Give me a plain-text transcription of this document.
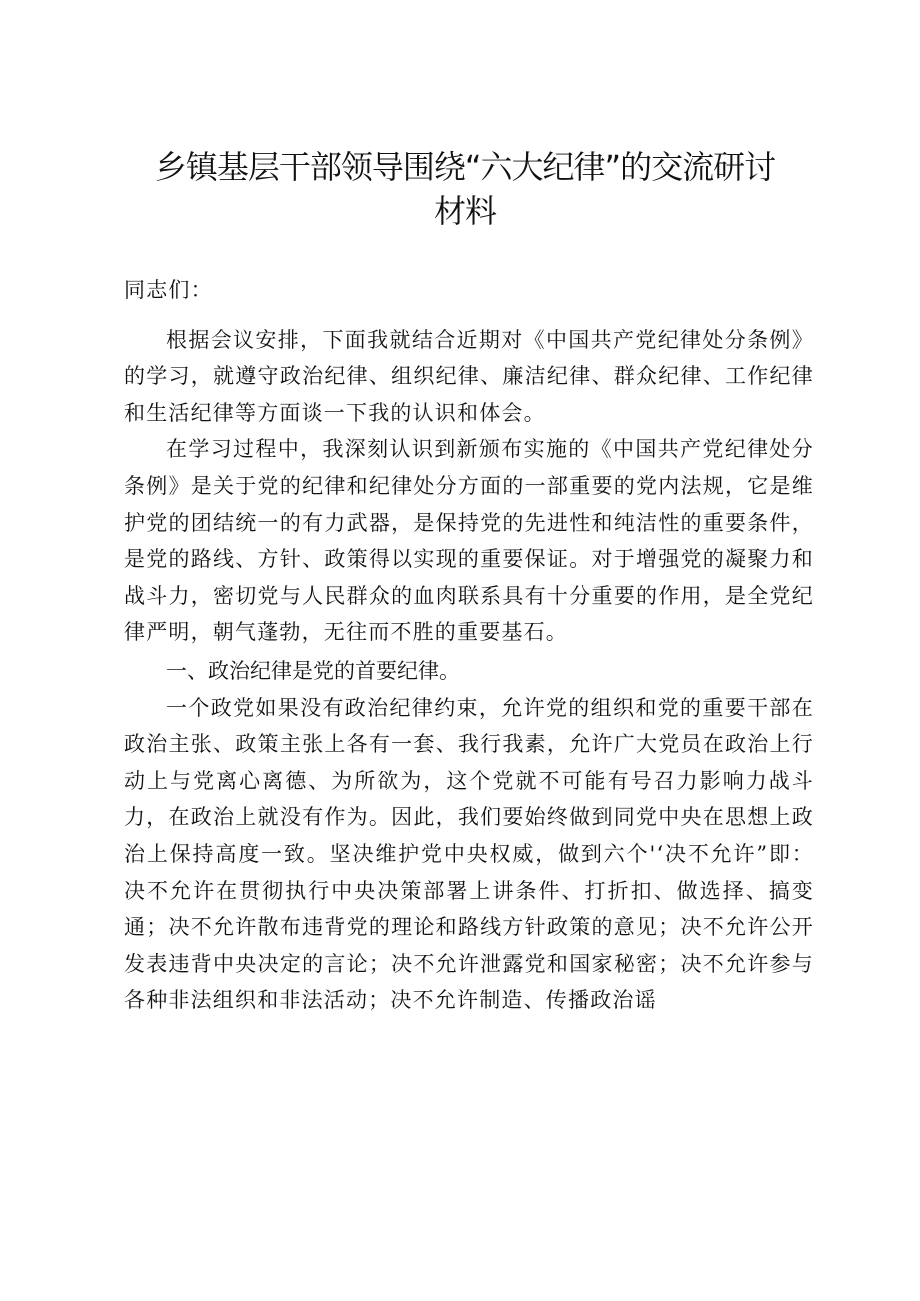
乡镇基层干部领导围绕“六大纪律”的交流研讨
材料

同志们：

根据会议安排，下面我就结合近期对《中国共产党纪律处分条例》的学习，就遵守政治纪律、组织纪律、廉洁纪律、群众纪律、工作纪律和生活纪律等方面谈一下我的认识和体会。

在学习过程中，我深刻认识到新颁布实施的《中国共产党纪律处分条例》是关于党的纪律和纪律处分方面的一部重要的党内法规，它是维护党的团结统一的有力武器，是保持党的先进性和纯洁性的重要条件，是党的路线、方针、政策得以实现的重要保证。对于增强党的凝聚力和战斗力，密切党与人民群众的血肉联系具有十分重要的作用，是全党纪律严明，朝气蓬勃，无往而不胜的重要基石。

一、政治纪律是党的首要纪律。

一个政党如果没有政治纪律约束，允许党的组织和党的重要干部在政治主张、政策主张上各有一套、我行我素，允许广大党员在政治上行动上与党离心离德、为所欲为，这个党就不可能有号召力影响力战斗力，在政治上就没有作为。因此，我们要始终做到同党中央在思想上政治上保持高度一致。坚决维护党中央权威，做到六个'‘决不允许”即：决不允许在贯彻执行中央决策部署上讲条件、打折扣、做选择、搞变通；决不允许散布违背党的理论和路线方针政策的意见；决不允许公开发表违背中央决定的言论；决不允许泄露党和国家秘密；决不允许参与各种非法组织和非法活动；决不允许制造、传播政治谣
